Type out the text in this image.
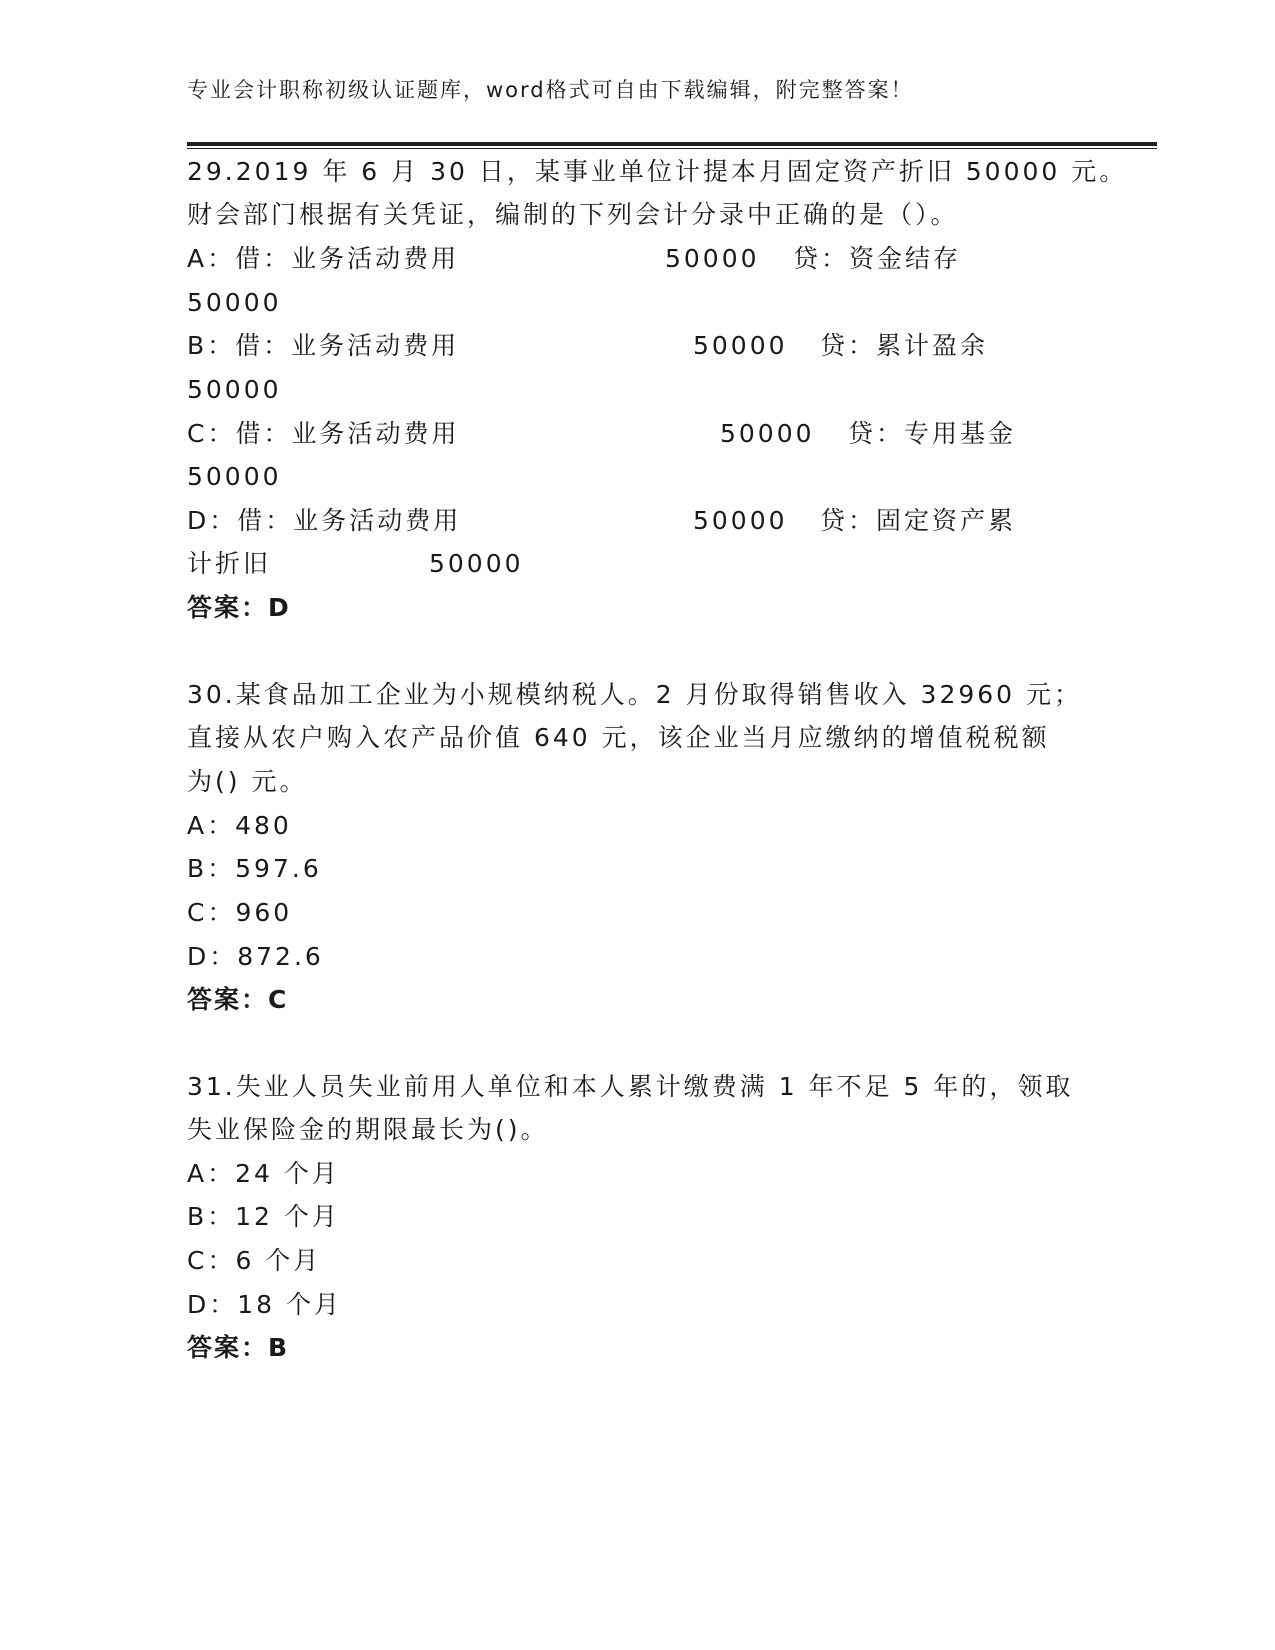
专业会计职称初级认证题库，word格式可自由下载编辑，附完整答案！
29.2019 年 6 月 30 日，某事业单位计提本月固定资产折旧 50000 元。
财会部门根据有关凭证，编制的下列会计分录中正确的是（）。
A：借：业务活动费用	50000 贷：资金结存
50000
B：借：业务活动费用	50000 贷：累计盈余
50000
C：借：业务活动费用	50000 贷：专用基金
50000
D：借：业务活动费用	50000 贷：固定资产累
计折旧	50000
答案：D
30.某食品加工企业为小规模纳税人。2 月份取得销售收入 32960 元；
直接从农户购入农产品价值 640 元，该企业当月应缴纳的增值税税额
为() 元。
A：480
B：597.6
C：960
D：872.6
答案：C
31.失业人员失业前用人单位和本人累计缴费满 1 年不足 5 年的，领取
失业保险金的期限最长为()。
A：24 个月
B：12 个月
C：6 个月
D：18 个月
答案：B
